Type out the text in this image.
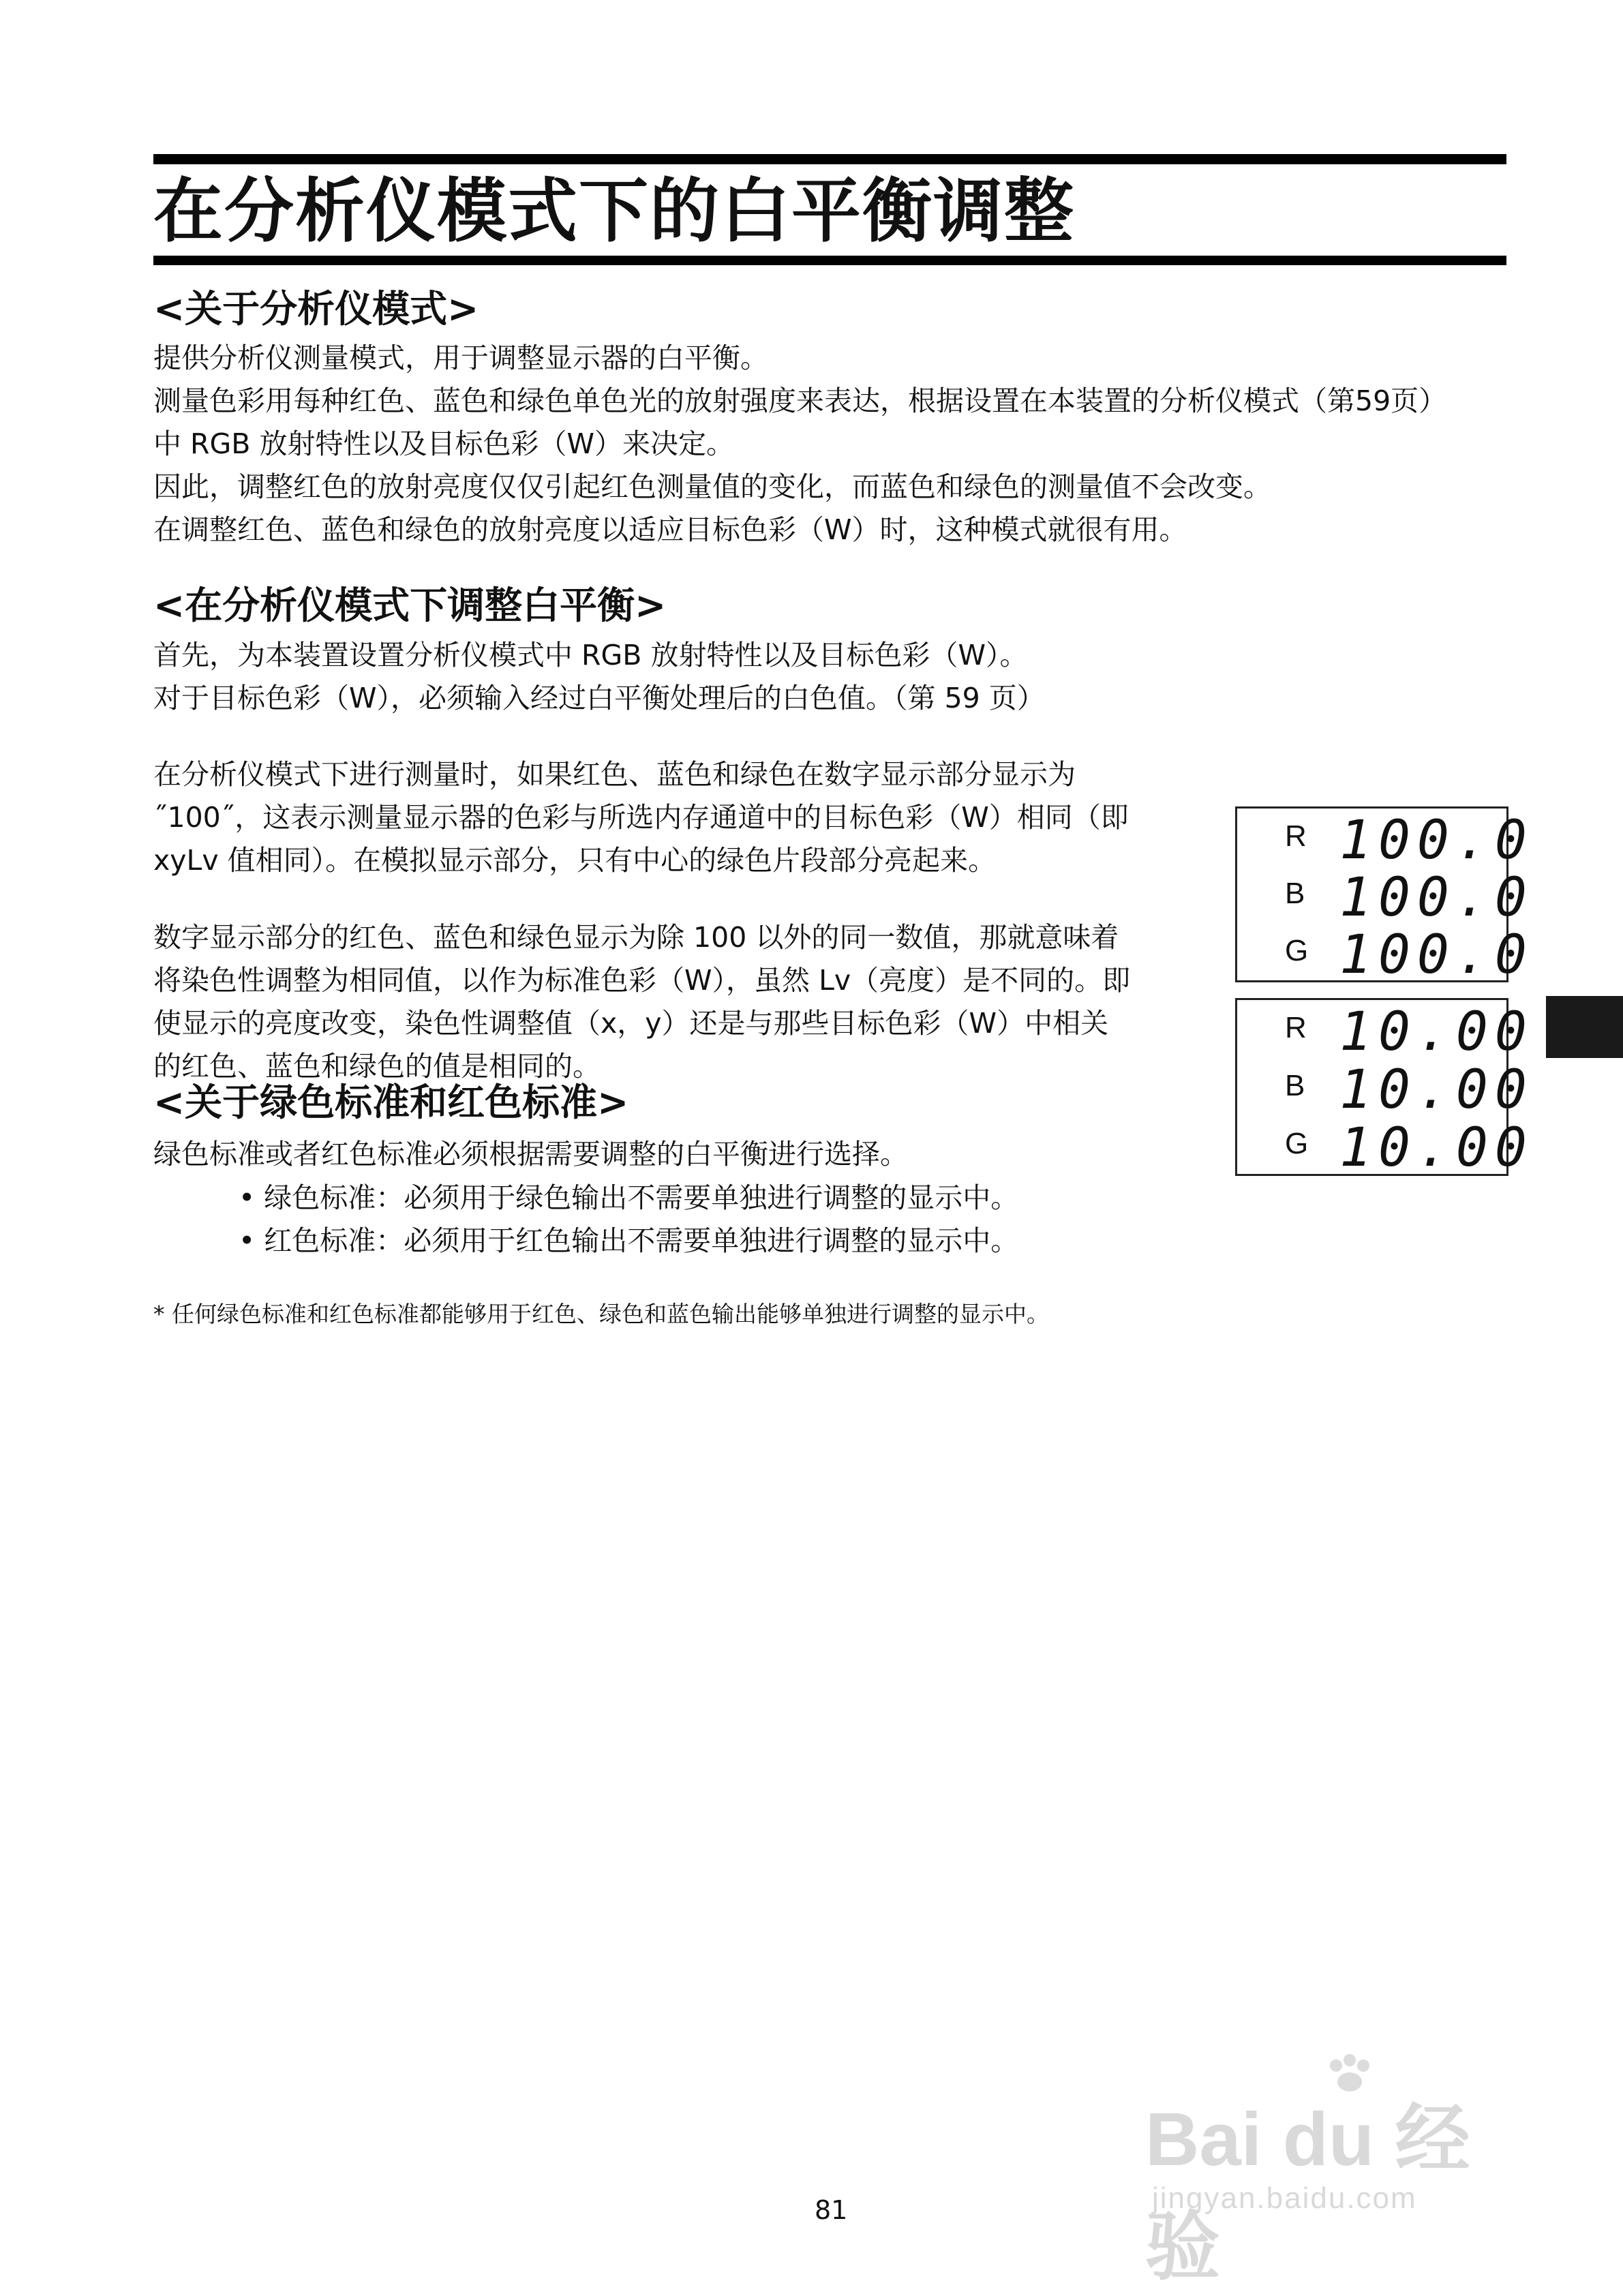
在分析仪模式下的白平衡调整
<关于分析仪模式>

提供分析仪测量模式，用于调整显示器的白平衡。
测量色彩用每种红色、蓝色和绿色单色光的放射强度来表达，根据设置在本装置的分析仪模式（第59页）
中 RGB 放射特性以及目标色彩（W）来决定。
因此，调整红色的放射亮度仅仅引起红色测量值的变化，而蓝色和绿色的测量值不会改变。
在调整红色、蓝色和绿色的放射亮度以适应目标色彩（W）时，这种模式就很有用。

<在分析仪模式下调整白平衡>

首先，为本装置设置分析仪模式中 RGB 放射特性以及目标色彩（W）。
对于目标色彩（W），必须输入经过白平衡处理后的白色值。（第 59 页）

在分析仪模式下进行测量时，如果红色、蓝色和绿色在数字显示部分显示为
˝100˝，这表示测量显示器的色彩与所选内存通道中的目标色彩（W）相同（即
xyLv 值相同）。在模拟显示部分，只有中心的绿色片段部分亮起来。

数字显示部分的红色、蓝色和绿色显示为除 100 以外的同一数值，那就意味着
将染色性调整为相同值，以作为标准色彩（W），虽然 Lv（亮度）是不同的。即
使显示的亮度改变，染色性调整值（x，y）还是与那些目标色彩（W）中相关
的红色、蓝色和绿色的值是相同的。

R 100.0
B 100.0
G 100.0
R 10.00
B 10.00
G 10.00
<关于绿色标准和红色标准>

绿色标准或者红色标准必须根据需要调整的白平衡进行选择。

• 绿色标准：必须用于绿色输出不需要单独进行调整的显示中。
• 红色标准：必须用于红色输出不需要单独进行调整的显示中。
* 任何绿色标准和红色标准都能够用于红色、绿色和蓝色输出能够单独进行调整的显示中。
81
Bai du 经验
jingyan.baidu.com
